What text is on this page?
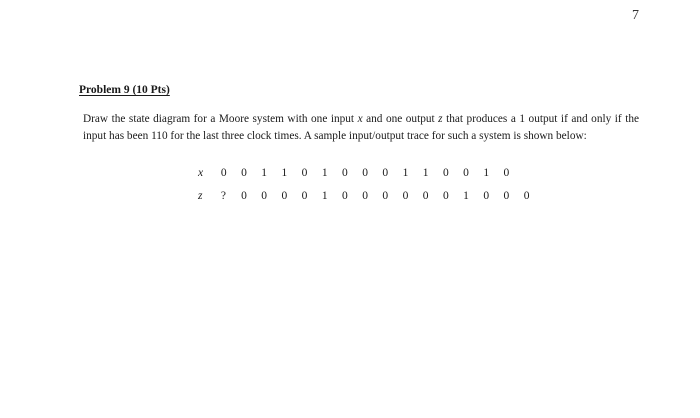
7
Problem 9 (10 Pts)
Draw the state diagram for a Moore system with one input x and one output z that produces a 1 output if and only if the input has been 110 for the last three clock times. A sample input/output trace for such a system is shown below:
x 0 0 1 1 0 1 0 0 0 1 1 0 0 1 0
z ? 0 0 0 0 1 0 0 0 0 0 0 1 0 0 0
